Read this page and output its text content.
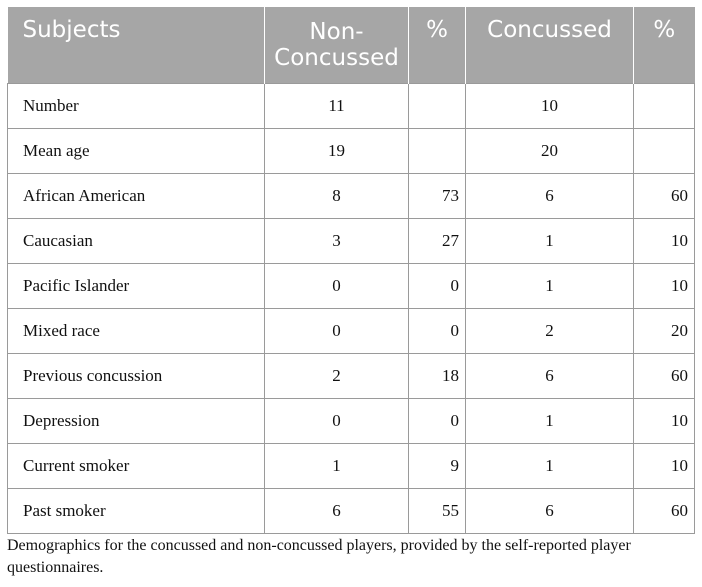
Subjects	Non-Concussed	%	Concussed	%
Number	11		10	
Mean age	19		20	
African American	8	73	6	60
Caucasian	3	27	1	10
Pacific Islander	0	0	1	10
Mixed race	0	0	2	20
Previous concussion	2	18	6	60
Depression	0	0	1	10
Current smoker	1	9	1	10
Past smoker	6	55	6	60
Demographics for the concussed and non-concussed players, provided by the self-reported player questionnaires.
